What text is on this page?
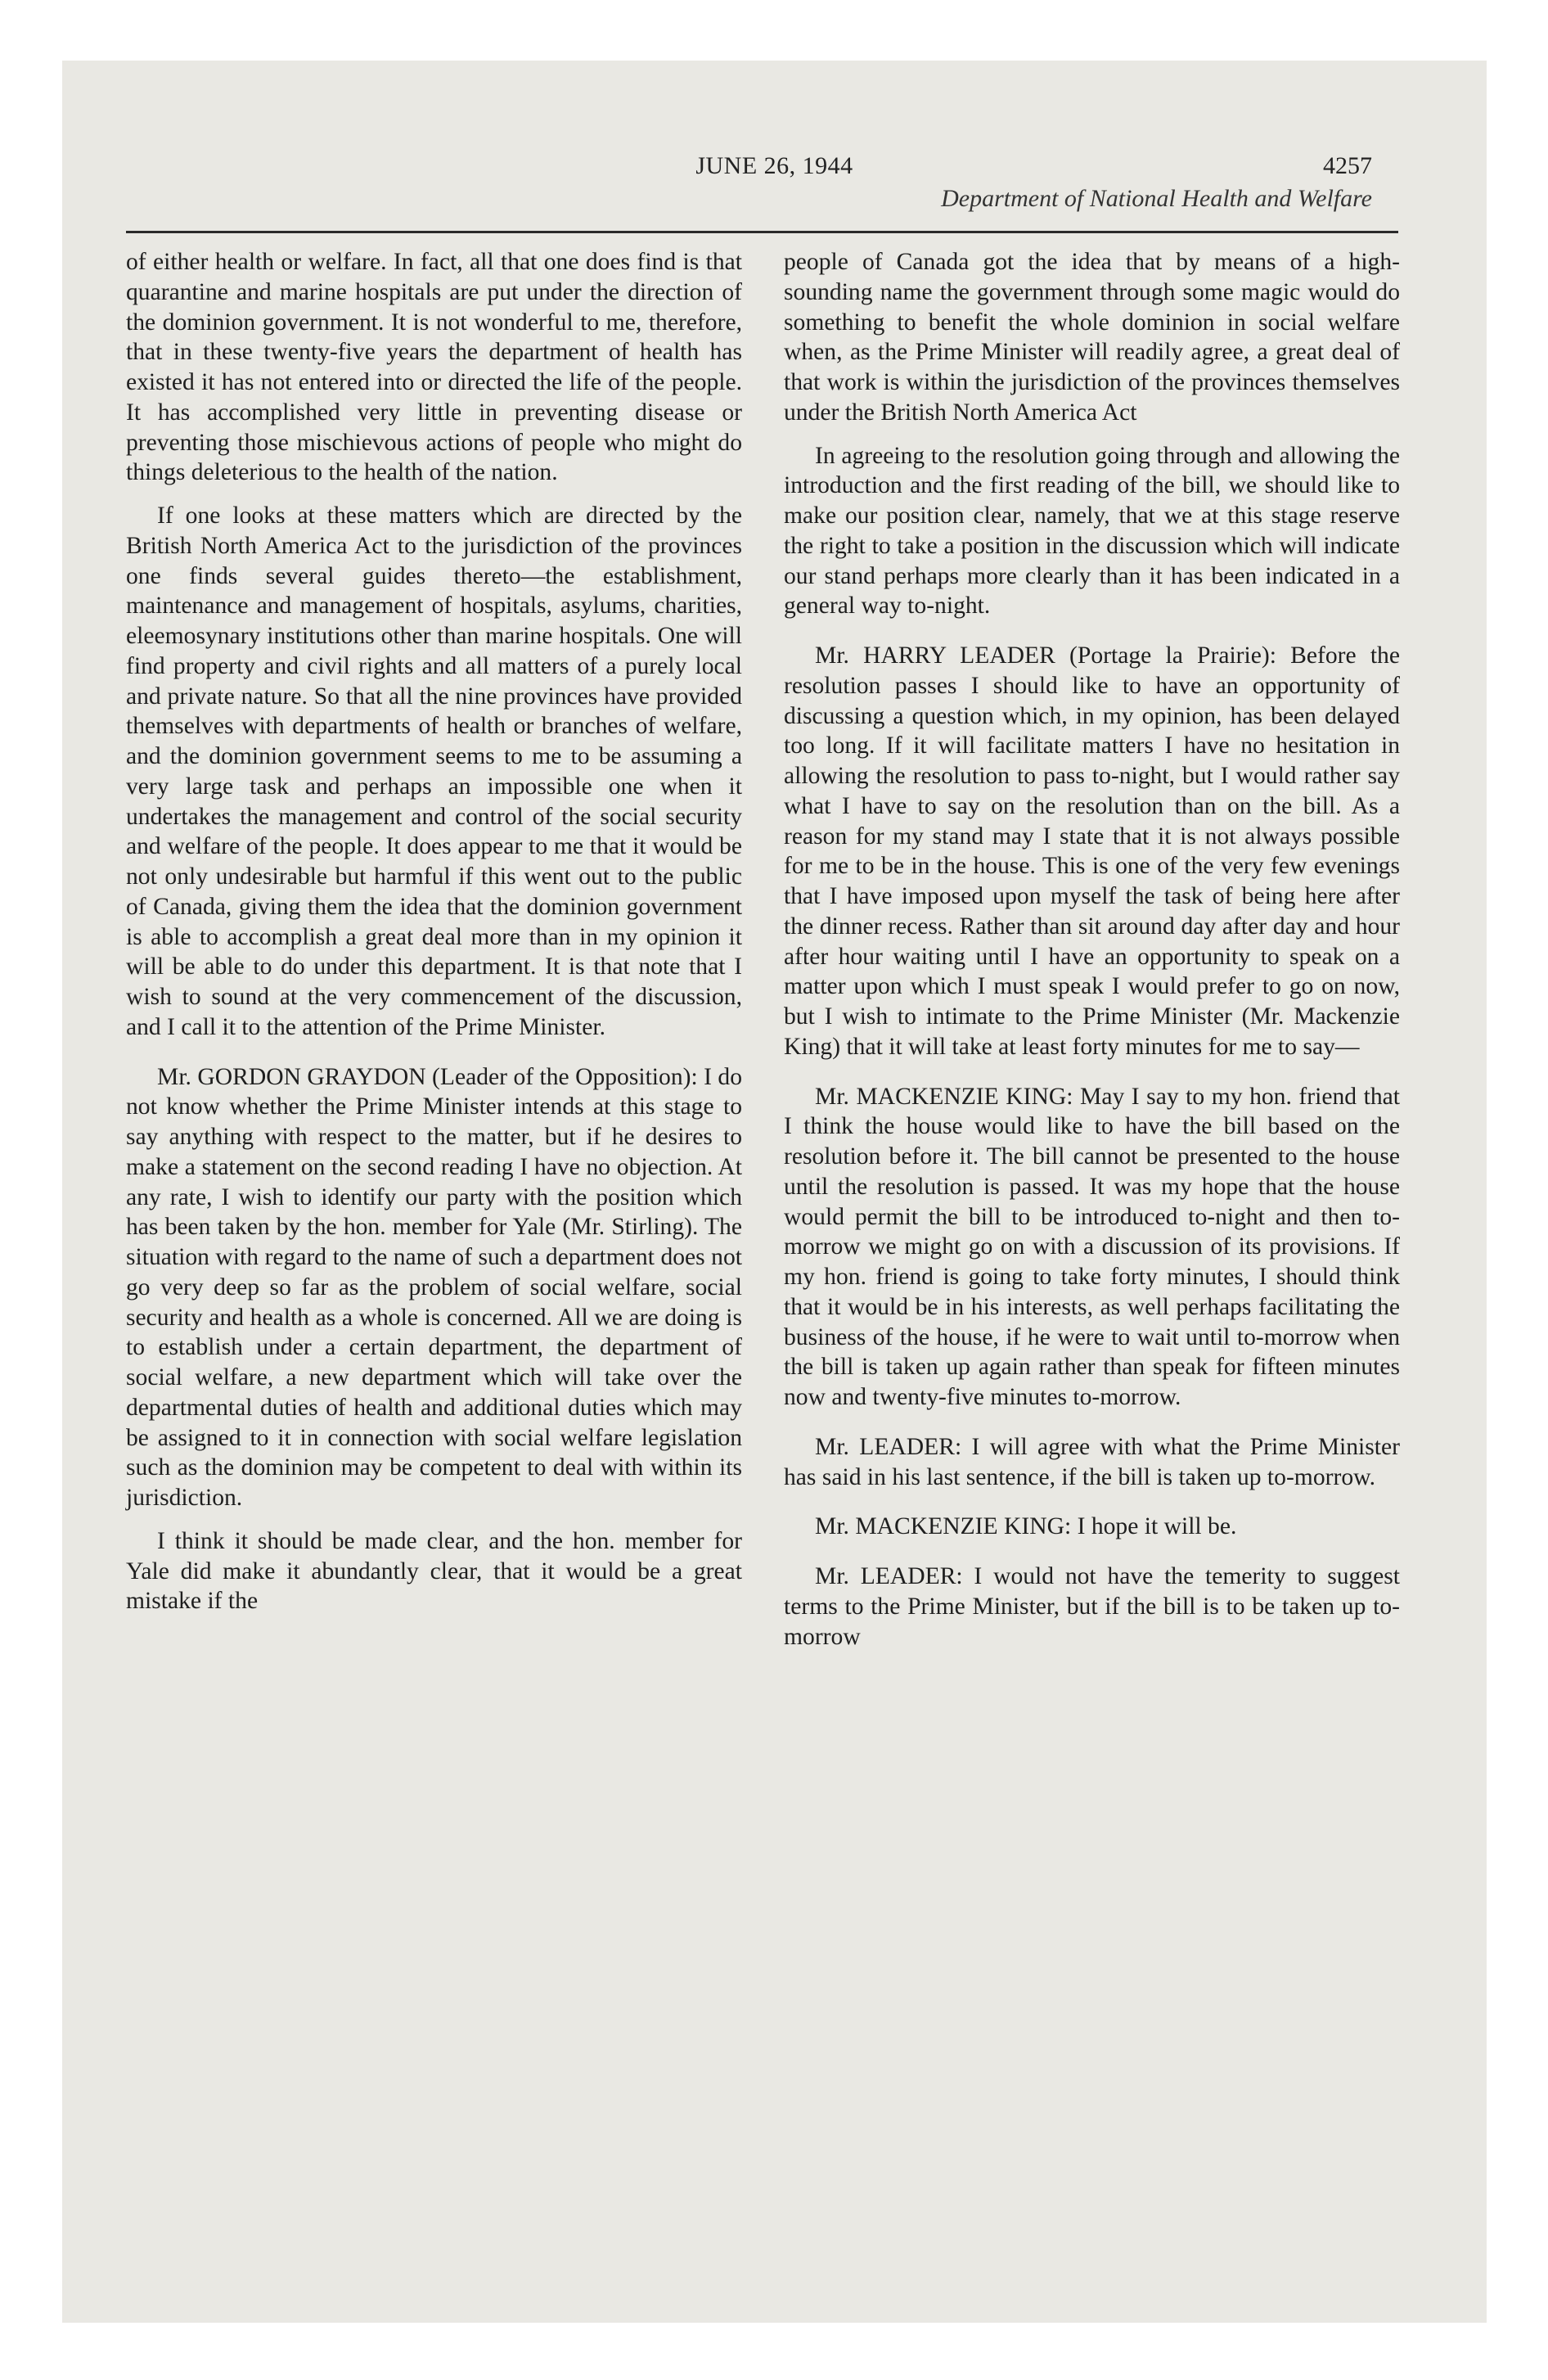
JUNE 26, 1944	4257
Department of National Health and Welfare

of either health or welfare. In fact, all that one does find is that quarantine and marine hospitals are put under the direction of the dominion government. It is not wonderful to me, therefore, that in these twenty-five years the department of health has existed it has not entered into or directed the life of the people. It has accomplished very little in preventing disease or preventing those mischievous actions of people who might do things deleterious to the health of the nation.

If one looks at these matters which are directed by the British North America Act to the jurisdiction of the provinces one finds several guides thereto—the establishment, maintenance and management of hospitals, asylums, charities, eleemosynary institutions other than marine hospitals. One will find property and civil rights and all matters of a purely local and private nature. So that all the nine provinces have provided themselves with departments of health or branches of welfare, and the dominion government seems to me to be assuming a very large task and perhaps an impossible one when it undertakes the management and control of the social security and welfare of the people. It does appear to me that it would be not only undesirable but harmful if this went out to the public of Canada, giving them the idea that the dominion government is able to accomplish a great deal more than in my opinion it will be able to do under this department. It is that note that I wish to sound at the very commencement of the discussion, and I call it to the attention of the Prime Minister.

Mr. GORDON GRAYDON (Leader of the Opposition): I do not know whether the Prime Minister intends at this stage to say anything with respect to the matter, but if he desires to make a statement on the second reading I have no objection. At any rate, I wish to identify our party with the position which has been taken by the hon. member for Yale (Mr. Stirling). The situation with regard to the name of such a department does not go very deep so far as the problem of social welfare, social security and health as a whole is concerned. All we are doing is to establish under a certain department, the department of social welfare, a new department which will take over the departmental duties of health and additional duties which may be assigned to it in connection with social welfare legislation such as the dominion may be competent to deal with within its jurisdiction.

I think it should be made clear, and the hon. member for Yale did make it abundantly clear, that it would be a great mistake if the

people of Canada got the idea that by means of a high-sounding name the government through some magic would do something to benefit the whole dominion in social welfare when, as the Prime Minister will readily agree, a great deal of that work is within the jurisdiction of the provinces themselves under the British North America Act

In agreeing to the resolution going through and allowing the introduction and the first reading of the bill, we should like to make our position clear, namely, that we at this stage reserve the right to take a position in the discussion which will indicate our stand perhaps more clearly than it has been indicated in a general way to-night.

Mr. HARRY LEADER (Portage la Prairie): Before the resolution passes I should like to have an opportunity of discussing a question which, in my opinion, has been delayed too long. If it will facilitate matters I have no hesitation in allowing the resolution to pass to-night, but I would rather say what I have to say on the resolution than on the bill. As a reason for my stand may I state that it is not always possible for me to be in the house. This is one of the very few evenings that I have imposed upon myself the task of being here after the dinner recess. Rather than sit around day after day and hour after hour waiting until I have an opportunity to speak on a matter upon which I must speak I would prefer to go on now, but I wish to intimate to the Prime Minister (Mr. Mackenzie King) that it will take at least forty minutes for me to say—

Mr. MACKENZIE KING: May I say to my hon. friend that I think the house would like to have the bill based on the resolution before it. The bill cannot be presented to the house until the resolution is passed. It was my hope that the house would permit the bill to be introduced to-night and then to-morrow we might go on with a discussion of its provisions. If my hon. friend is going to take forty minutes, I should think that it would be in his interests, as well perhaps facilitating the business of the house, if he were to wait until to-morrow when the bill is taken up again rather than speak for fifteen minutes now and twenty-five minutes to-morrow.

Mr. LEADER: I will agree with what the Prime Minister has said in his last sentence, if the bill is taken up to-morrow.

Mr. MACKENZIE KING: I hope it will be.

Mr. LEADER: I would not have the temerity to suggest terms to the Prime Minister, but if the bill is to be taken up to-morrow
